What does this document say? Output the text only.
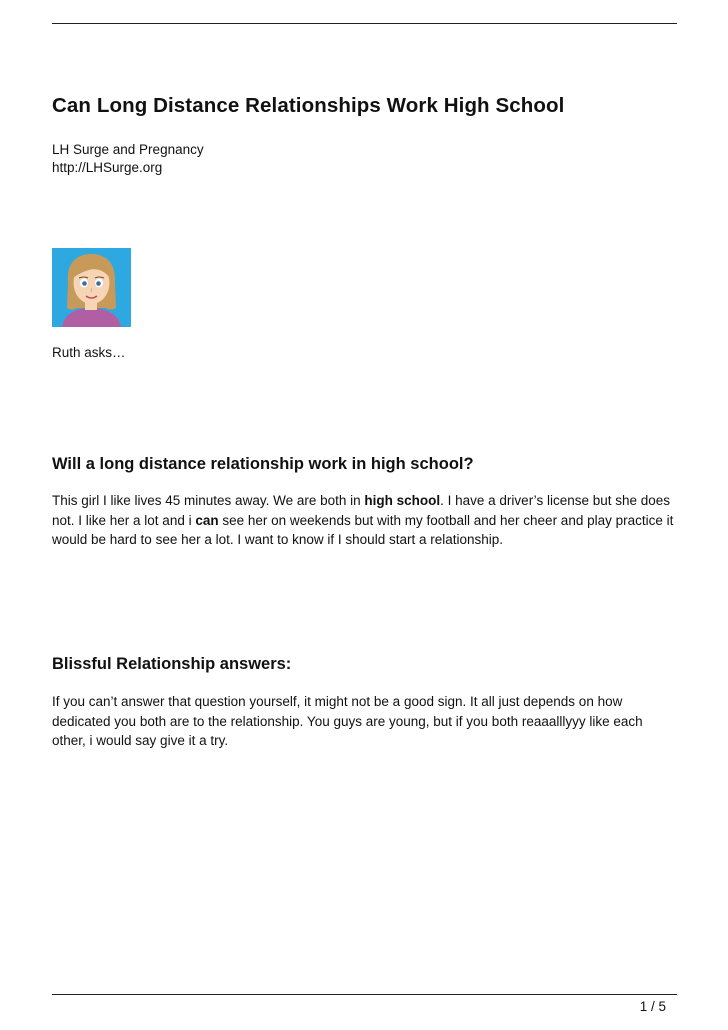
Can Long Distance Relationships Work High School
LH Surge and Pregnancy
http://LHSurge.org
Ruth asks…
Will a long distance relationship work in high school?
This girl I like lives 45 minutes away. We are both in high school. I have a driver’s license but she does not. I like her a lot and i can see her on weekends but with my football and her cheer and play practice it would be hard to see her a lot. I want to know if I should start a relationship.
Blissful Relationship answers:
If you can’t answer that question yourself, it might not be a good sign. It all just depends on how dedicated you both are to the relationship. You guys are young, but if you both reaaalllyyy like each other, i would say give it a try.
1 / 5
